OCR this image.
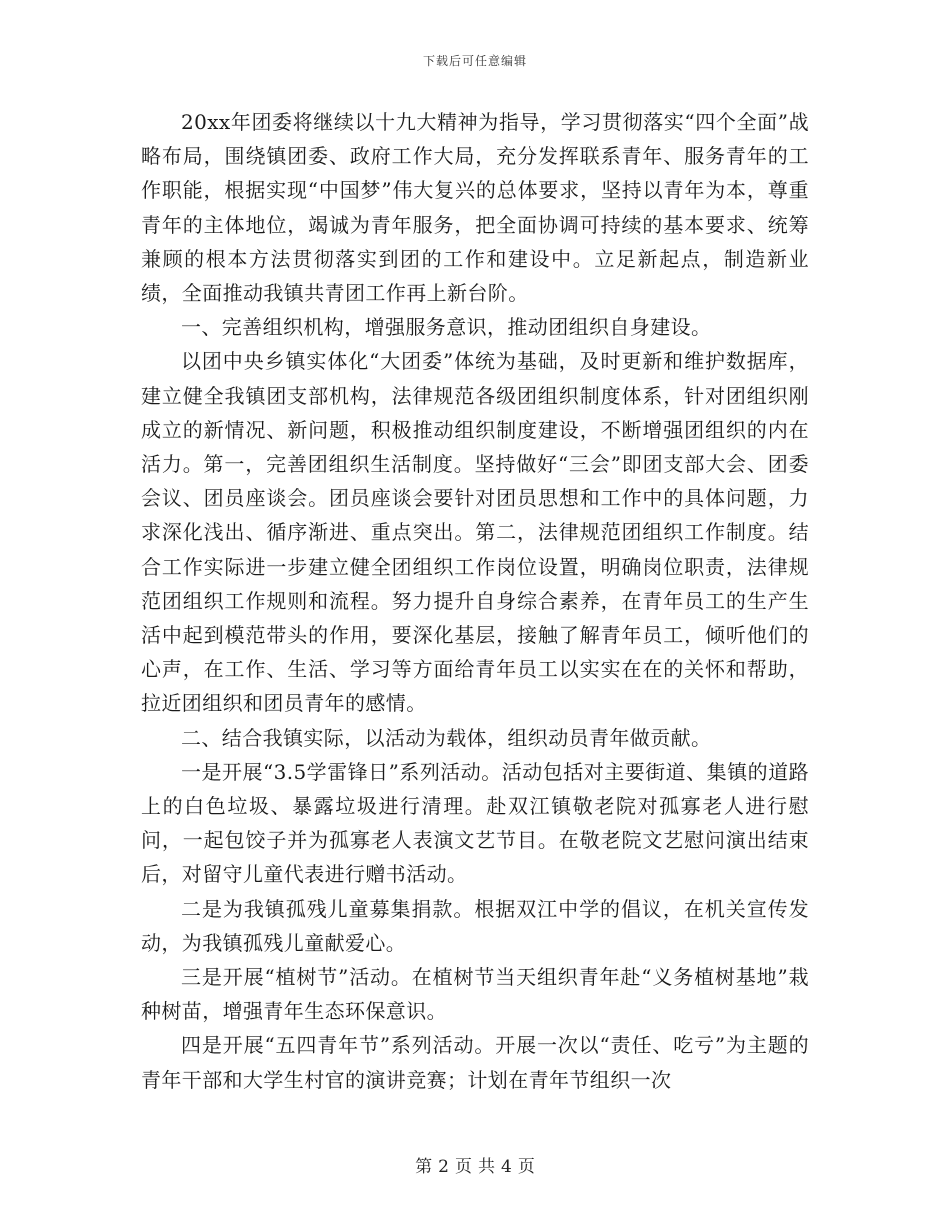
下载后可任意编辑

20xx年团委将继续以十九大精神为指导，学习贯彻落实“四个全面”战略布局，围绕镇团委、政府工作大局，充分发挥联系青年、服务青年的工作职能，根据实现“中国梦”伟大复兴的总体要求，坚持以青年为本，尊重青年的主体地位，竭诚为青年服务，把全面协调可持续的基本要求、统筹兼顾的根本方法贯彻落实到团的工作和建设中。立足新起点，制造新业绩，全面推动我镇共青团工作再上新台阶。

一、完善组织机构，增强服务意识，推动团组织自身建设。

以团中央乡镇实体化“大团委”体统为基础，及时更新和维护数据库，建立健全我镇团支部机构，法律规范各级团组织制度体系，针对团组织刚成立的新情况、新问题，积极推动组织制度建设，不断增强团组织的内在活力。第一，完善团组织生活制度。坚持做好“三会”即团支部大会、团委会议、团员座谈会。团员座谈会要针对团员思想和工作中的具体问题，力求深化浅出、循序渐进、重点突出。第二，法律规范团组织工作制度。结合工作实际进一步建立健全团组织工作岗位设置，明确岗位职责，法律规范团组织工作规则和流程。努力提升自身综合素养，在青年员工的生产生活中起到模范带头的作用，要深化基层，接触了解青年员工，倾听他们的心声，在工作、生活、学习等方面给青年员工以实实在在的关怀和帮助，拉近团组织和团员青年的感情。

二、结合我镇实际，以活动为载体，组织动员青年做贡献。

一是开展“3.5学雷锋日”系列活动。活动包括对主要街道、集镇的道路上的白色垃圾、暴露垃圾进行清理。赴双江镇敬老院对孤寡老人进行慰问，一起包饺子并为孤寡老人表演文艺节目。在敬老院文艺慰问演出结束后，对留守儿童代表进行赠书活动。

二是为我镇孤残儿童募集捐款。根据双江中学的倡议，在机关宣传发动，为我镇孤残儿童献爱心。

三是开展“植树节”活动。在植树节当天组织青年赴“义务植树基地”栽种树苗，增强青年生态环保意识。

四是开展“五四青年节”系列活动。开展一次以“责任、吃亏”为主题的青年干部和大学生村官的演讲竞赛；计划在青年节组织一次

第 2 页 共 4 页
